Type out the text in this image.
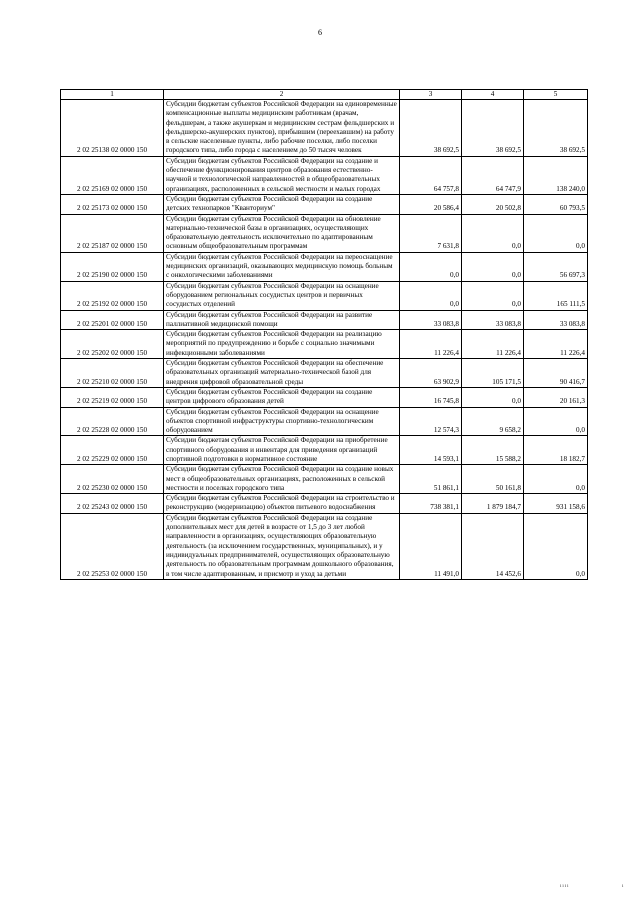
6
1	2	3	4	5
2 02 25138 02 0000 150	Субсидии бюджетам субъектов Российской Федерации на единовременные компенсационные выплаты медицинским работникам (врачам, фельдшерам, а также акушеркам и медицинским сестрам фельдшерских и фельдшерско-акушерских пунктов), прибывшим (переехавшим) на работу в сельские населенные пункты, либо рабочие поселки, либо поселки городского типа, либо города с населением до 50 тысяч человек	38 692,5	38 692,5	38 692,5
2 02 25169 02 0000 150	Субсидии бюджетам субъектов Российской Федерации на создание и обеспечение функционирования центров образования естественно-научной и технологической направленностей в общеобразовательных организациях, расположенных в сельской местности и малых городах	64 757,8	64 747,9	138 240,0
2 02 25173 02 0000 150	Субсидии бюджетам субъектов Российской Федерации на создание детских технопарков "Кванториум"	20 586,4	20 502,8	60 793,5
2 02 25187 02 0000 150	Субсидии бюджетам субъектов Российской Федерации на обновление материально-технической базы в организациях, осуществляющих образовательную деятельность исключительно по адаптированным основным общеобразовательным программам	7 631,8	0,0	0,0
2 02 25190 02 0000 150	Субсидии бюджетам субъектов Российской Федерации на переоснащение медицинских организаций, оказывающих медицинскую помощь больным с онкологическими заболеваниями	0,0	0,0	56 697,3
2 02 25192 02 0000 150	Субсидии бюджетам субъектов Российской Федерации на оснащение оборудованием региональных сосудистых центров и первичных сосудистых отделений	0,0	0,0	165 111,5
2 02 25201 02 0000 150	Субсидии бюджетам субъектов Российской Федерации на развитие паллиативной медицинской помощи	33 083,8	33 083,8	33 083,8
2 02 25202 02 0000 150	Субсидии бюджетам субъектов Российской Федерации на реализацию мероприятий по предупреждению и борьбе с социально значимыми инфекционными заболеваниями	11 226,4	11 226,4	11 226,4
2 02 25210 02 0000 150	Субсидии бюджетам субъектов Российской Федерации на обеспечение образовательных организаций материально-технической базой для внедрения цифровой образовательной среды	63 902,9	105 171,5	90 416,7
2 02 25219 02 0000 150	Субсидии бюджетам субъектов Российской Федерации на создание центров цифрового образования детей	16 745,8	0,0	20 161,3
2 02 25228 02 0000 150	Субсидии бюджетам субъектов Российской Федерации на оснащение объектов спортивной инфраструктуры спортивно-технологическим оборудованием	12 574,3	9 658,2	0,0
2 02 25229 02 0000 150	Субсидии бюджетам субъектов Российской Федерации на приобретение спортивного оборудования и инвентаря для приведения организаций спортивной подготовки в нормативное состояние	14 593,1	15 588,2	18 182,7
2 02 25230 02 0000 150	Субсидии бюджетам субъектов Российской Федерации на создание новых мест в общеобразовательных организациях, расположенных в сельской местности и поселках городского типа	51 861,1	50 161,8	0,0
2 02 25243 02 0000 150	Субсидии бюджетам субъектов Российской Федерации на строительство и реконструкцию (модернизацию) объектов питьевого водоснабжения	738 381,1	1 879 184,7	931 158,6
2 02 25253 02 0000 150	Субсидии бюджетам субъектов Российской Федерации на создание дополнительных мест для детей в возрасте от 1,5 до 3 лет любой направленности в организациях, осуществляющих образовательную деятельность (за исключением государственных, муниципальных), и у индивидуальных предпринимателей, осуществляющих образовательную деятельность по образовательным программам дошкольного образования, в том числе адаптированным, и присмотр и уход за детьми	11 491,0	14 452,6	0,0
ıııı	ı
